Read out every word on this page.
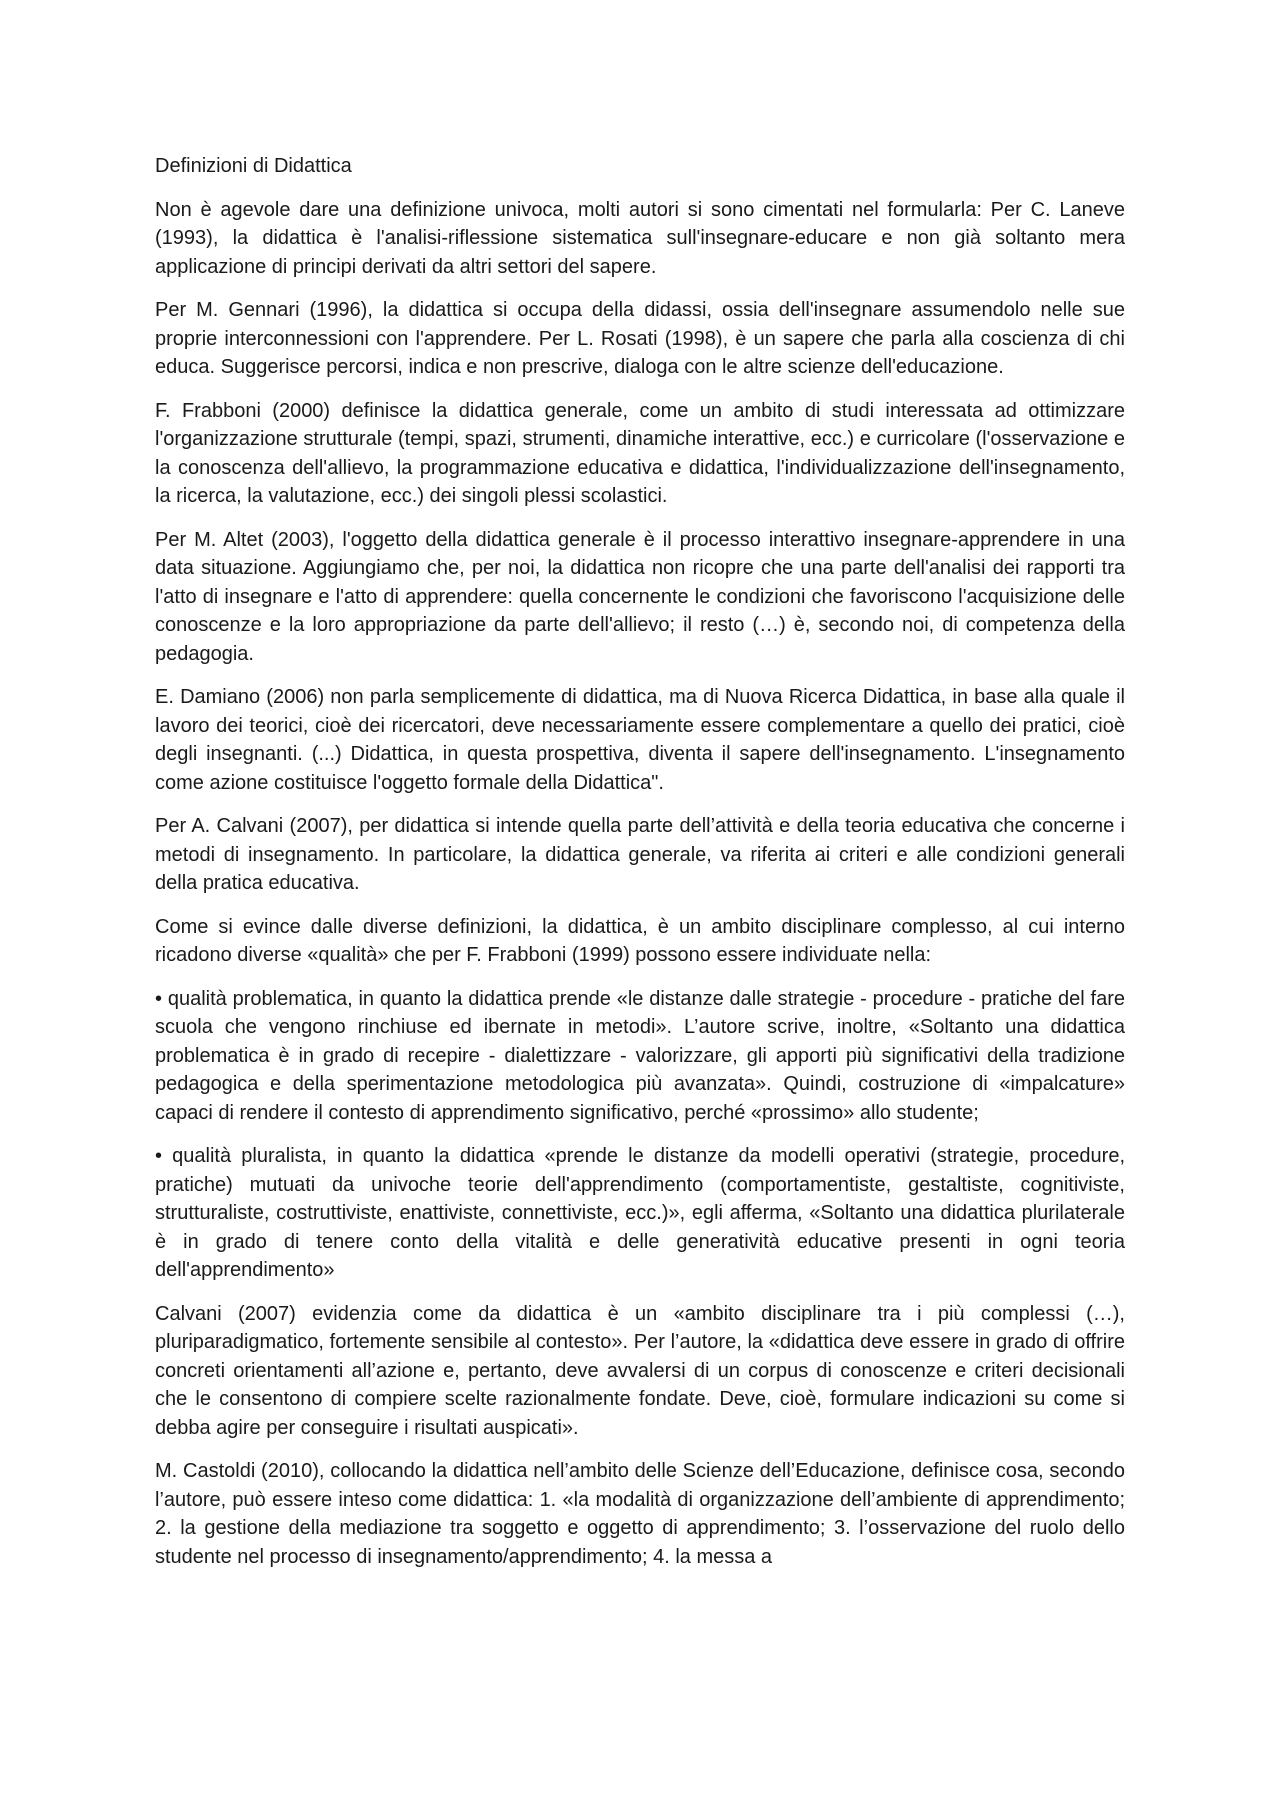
Definizioni di Didattica

Non è agevole dare una definizione univoca, molti autori si sono cimentati nel formularla: Per C. Laneve (1993), la didattica è l'analisi-riflessione sistematica sull'insegnare-educare e non già soltanto mera applicazione di principi derivati da altri settori del sapere.

Per M. Gennari (1996), la didattica si occupa della didassi, ossia dell'insegnare assumendolo nelle sue proprie interconnessioni con l'apprendere. Per L. Rosati (1998), è un sapere che parla alla coscienza di chi educa. Suggerisce percorsi, indica e non prescrive, dialoga con le altre scienze dell'educazione.

F. Frabboni (2000) definisce la didattica generale, come un ambito di studi interessata ad ottimizzare l'organizzazione strutturale (tempi, spazi, strumenti, dinamiche interattive, ecc.) e curricolare (l'osservazione e la conoscenza dell'allievo, la programmazione educativa e didattica, l'individualizzazione dell'insegnamento, la ricerca, la valutazione, ecc.) dei singoli plessi scolastici.

Per M. Altet (2003), l'oggetto della didattica generale è il processo interattivo insegnare-apprendere in una data situazione. Aggiungiamo che, per noi, la didattica non ricopre che una parte dell'analisi dei rapporti tra l'atto di insegnare e l'atto di apprendere: quella concernente le condizioni che favoriscono l'acquisizione delle conoscenze e la loro appropriazione da parte dell'allievo; il resto (…) è, secondo noi, di competenza della pedagogia.

E. Damiano (2006) non parla semplicemente di didattica, ma di Nuova Ricerca Didattica, in base alla quale il lavoro dei teorici, cioè dei ricercatori, deve necessariamente essere complementare a quello dei pratici, cioè degli insegnanti. (...) Didattica, in questa prospettiva, diventa il sapere dell'insegnamento. L'insegnamento come azione costituisce l'oggetto formale della Didattica".

Per A. Calvani (2007), per didattica si intende quella parte dell’attività e della teoria educativa che concerne i metodi di insegnamento. In particolare, la didattica generale, va riferita ai criteri e alle condizioni generali della pratica educativa.

Come si evince dalle diverse definizioni, la didattica, è un ambito disciplinare complesso, al cui interno ricadono diverse «qualità» che per F. Frabboni (1999) possono essere individuate nella:

• qualità problematica, in quanto la didattica prende «le distanze dalle strategie - procedure - pratiche del fare scuola che vengono rinchiuse ed ibernate in metodi». L’autore scrive, inoltre, «Soltanto una didattica problematica è in grado di recepire - dialettizzare - valorizzare, gli apporti più significativi della tradizione pedagogica e della sperimentazione metodologica più avanzata». Quindi, costruzione di «impalcature» capaci di rendere il contesto di apprendimento significativo, perché «prossimo» allo studente;

• qualità pluralista, in quanto la didattica «prende le distanze da modelli operativi (strategie, procedure, pratiche) mutuati da univoche teorie dell'apprendimento (comportamentiste, gestaltiste, cognitiviste, strutturaliste, costruttiviste, enattiviste, connettiviste, ecc.)», egli afferma, «Soltanto una didattica plurilaterale è in grado di tenere conto della vitalità e delle generatività educative presenti in ogni teoria dell'apprendimento»

Calvani (2007) evidenzia come da didattica è un «ambito disciplinare tra i più complessi (…), pluriparadigmatico, fortemente sensibile al contesto». Per l’autore, la «didattica deve essere in grado di offrire concreti orientamenti all’azione e, pertanto, deve avvalersi di un corpus di conoscenze e criteri decisionali che le consentono di compiere scelte razionalmente fondate. Deve, cioè, formulare indicazioni su come si debba agire per conseguire i risultati auspicati».

M. Castoldi (2010), collocando la didattica nell’ambito delle Scienze dell’Educazione, definisce cosa, secondo l’autore, può essere inteso come didattica: 1. «la modalità di organizzazione dell’ambiente di apprendimento; 2. la gestione della mediazione tra soggetto e oggetto di apprendimento; 3. l’osservazione del ruolo dello studente nel processo di insegnamento/apprendimento; 4. la messa a
